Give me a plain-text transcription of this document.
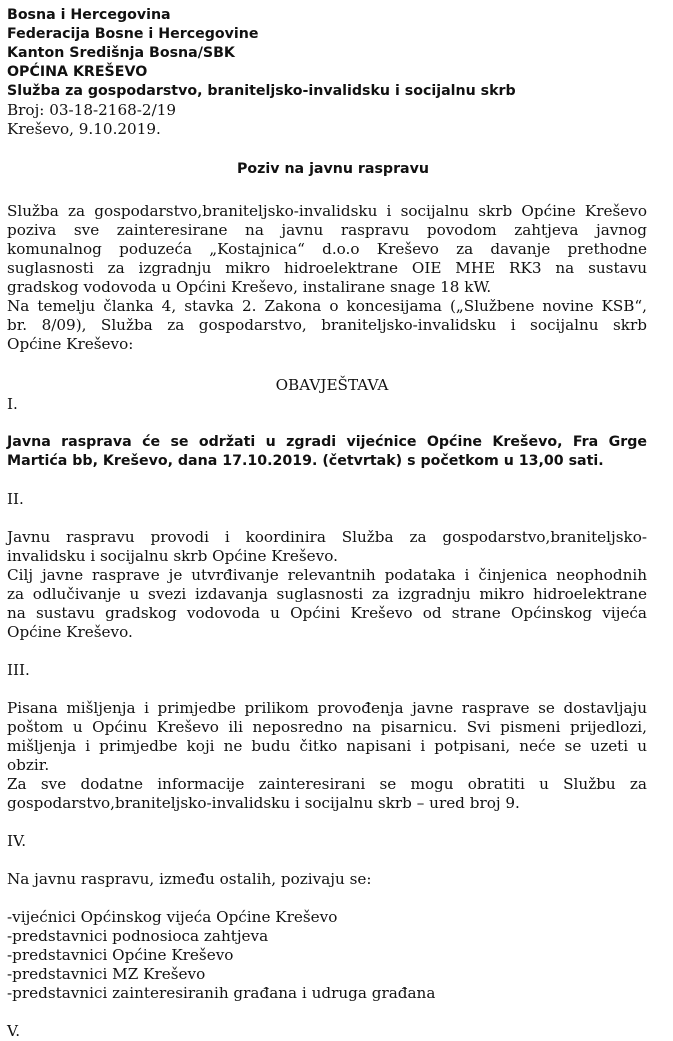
Bosna i Hercegovina
Federacija Bosne i Hercegovine
Kanton Središnja Bosna/SBK
OPĆINA KREŠEVO
Služba za gospodarstvo, braniteljsko-invalidsku i socijalnu skrb
Broj: 03-18-2168-2/19
Kreševo, 9.10.2019.
Poziv na javnu raspravu
Služba za gospodarstvo,braniteljsko-invalidsku i socijalnu skrb Općine Kreševo
poziva sve zainteresirane na javnu raspravu povodom zahtjeva javnog
komunalnog poduzeća „Kostajnica“ d.o.o Kreševo za davanje prethodne
suglasnosti za izgradnju mikro hidroelektrane OIE MHE RK3 na sustavu
gradskog vodovoda u Općini Kreševo, instalirane snage 18 kW.
Na temelju članka 4, stavka 2. Zakona o koncesijama („Službene novine KSB“,
br. 8/09), Služba za gospodarstvo, braniteljsko-invalidsku i socijalnu skrb
Općine Kreševo:
OBAVJEŠTAVA
I.
Javna rasprava će se održati u zgradi vijećnice Općine Kreševo, Fra Grge
Martića bb, Kreševo, dana 17.10.2019. (četvrtak) s početkom u 13,00 sati.
II.
Javnu raspravu provodi i koordinira Služba za gospodarstvo,braniteljsko-
invalidsku i socijalnu skrb Općine Kreševo.
Cilj javne rasprave je utvrđivanje relevantnih podataka i činjenica neophodnih
za odlučivanje u svezi izdavanja suglasnosti za izgradnju mikro hidroelektrane
na sustavu gradskog vodovoda u Općini Kreševo od strane Općinskog vijeća
Općine Kreševo.
III.
Pisana mišljenja i primjedbe prilikom provođenja javne rasprave se dostavljaju
poštom u Općinu Kreševo ili neposredno na pisarnicu. Svi pismeni prijedlozi,
mišljenja i primjedbe koji ne budu čitko napisani i potpisani, neće se uzeti u
obzir.
Za sve dodatne informacije zainteresirani se mogu obratiti u Službu za
gospodarstvo,braniteljsko-invalidsku i socijalnu skrb – ured broj 9.
IV.
Na javnu raspravu, između ostalih, pozivaju se:
-vijećnici Općinskog vijeća Općine Kreševo
-predstavnici podnosioca zahtjeva
-predstavnici Općine Kreševo
-predstavnici MZ Kreševo
-predstavnici zainteresiranih građana i udruga građana
V.
